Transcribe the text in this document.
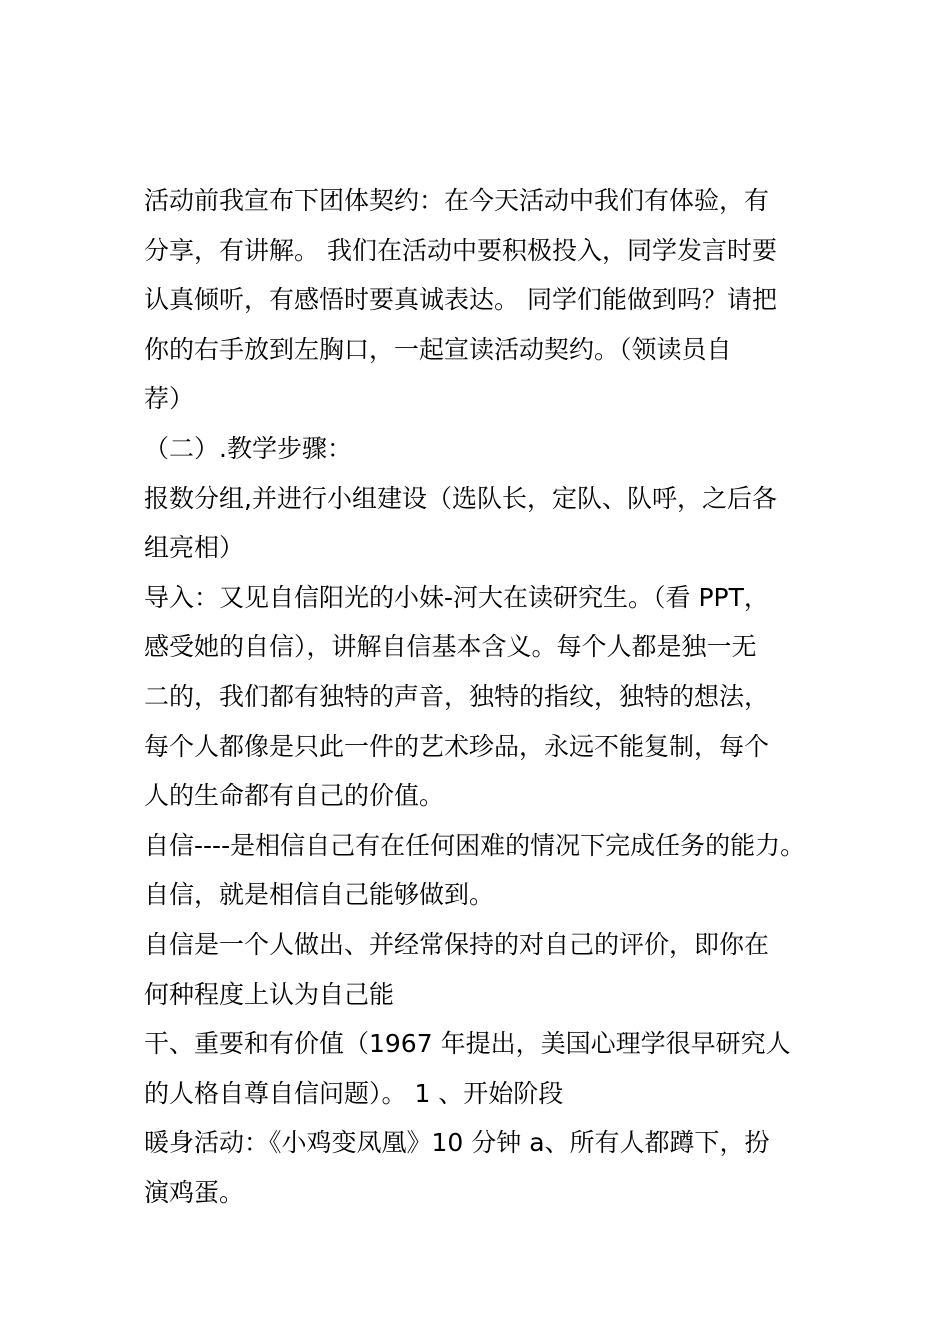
活动前我宣布下团体契约：在今天活动中我们有体验，有
分享，有讲解。 我们在活动中要积极投入，同学发言时要
认真倾听，有感悟时要真诚表达。 同学们能做到吗？请把
你的右手放到左胸口，一起宣读活动契约。（领读员自
荐）
（二）.教学步骤：
报数分组,并进行小组建设（选队长，定队、队呼，之后各
组亮相）
导入：又见自信阳光的小妹-河大在读研究生。（看 PPT，
感受她的自信），讲解自信基本含义。每个人都是独一无
二的，我们都有独特的声音，独特的指纹，独特的想法，
每个人都像是只此一件的艺术珍品，永远不能复制，每个
人的生命都有自己的价值。
自信----是相信自己有在任何困难的情况下完成任务的能力。
自信，就是相信自己能够做到。
自信是一个人做出、并经常保持的对自己的评价，即你在
何种程度上认为自己能
干、重要和有价值（1967 年提出，美国心理学很早研究人
的人格自尊自信问题）。 1 、开始阶段
暖身活动：《小鸡变凤凰》10 分钟 a、所有人都蹲下，扮
演鸡蛋。
